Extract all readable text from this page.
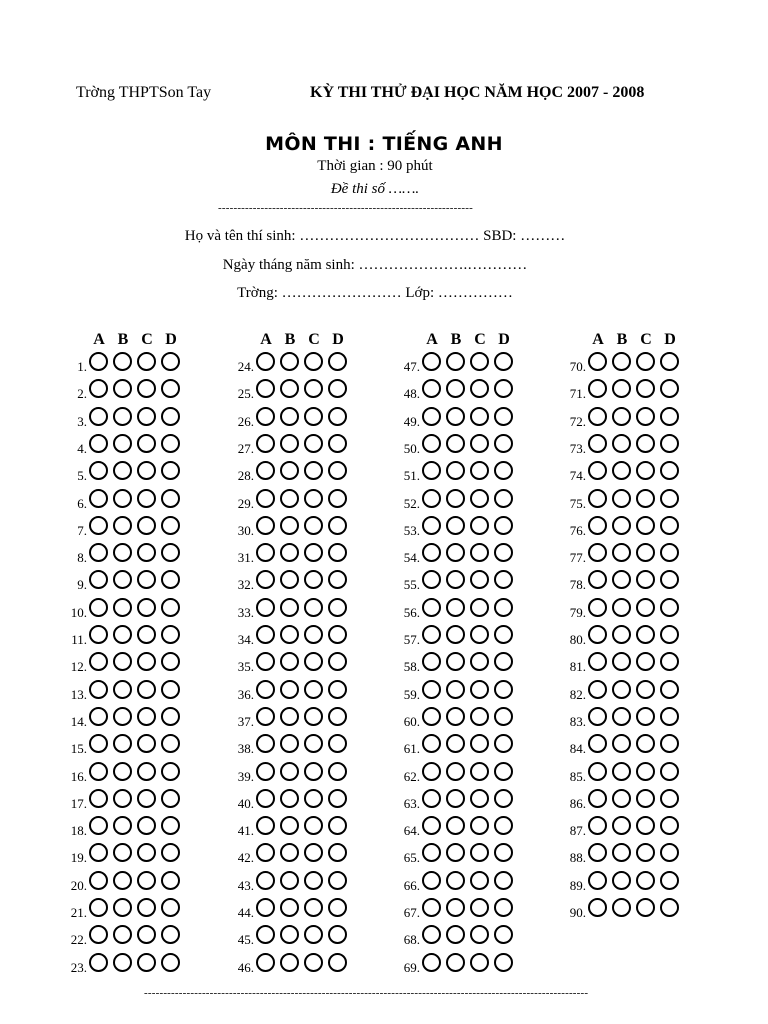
Trờng THPTSon Tay	KỲ THI THỬ ĐẠI HỌC NĂM HỌC 2007 - 2008
MÔN THI : TIẾNG ANH
Thời gian : 90 phút
Đề thi số …….
------------------------------------------------------------------
Họ và tên thí sinh: ……………………………… SBD: ………
Ngày tháng năm sinh: ………………….…………
Trờng: …………………… Lớp: ……………
A B C D
1.
2.
3.
4.
5.
6.
7.
8.
9.
10.
11.
12.
13.
14.
15.
16.
17.
18.
19.
20.
21.
22.
23.
A B C D
24.
25.
26.
27.
28.
29.
30.
31.
32.
33.
34.
35.
36.
37.
38.
39.
40.
41.
42.
43.
44.
45.
46.
A B C D
47.
48.
49.
50.
51.
52.
53.
54.
55.
56.
57.
58.
59.
60.
61.
62.
63.
64.
65.
66.
67.
68.
69.
A B C D
70.
71.
72.
73.
74.
75.
76.
77.
78.
79.
80.
81.
82.
83.
84.
85.
86.
87.
88.
89.
90.
-------------------------------------------------------------------------------------------------------------------
